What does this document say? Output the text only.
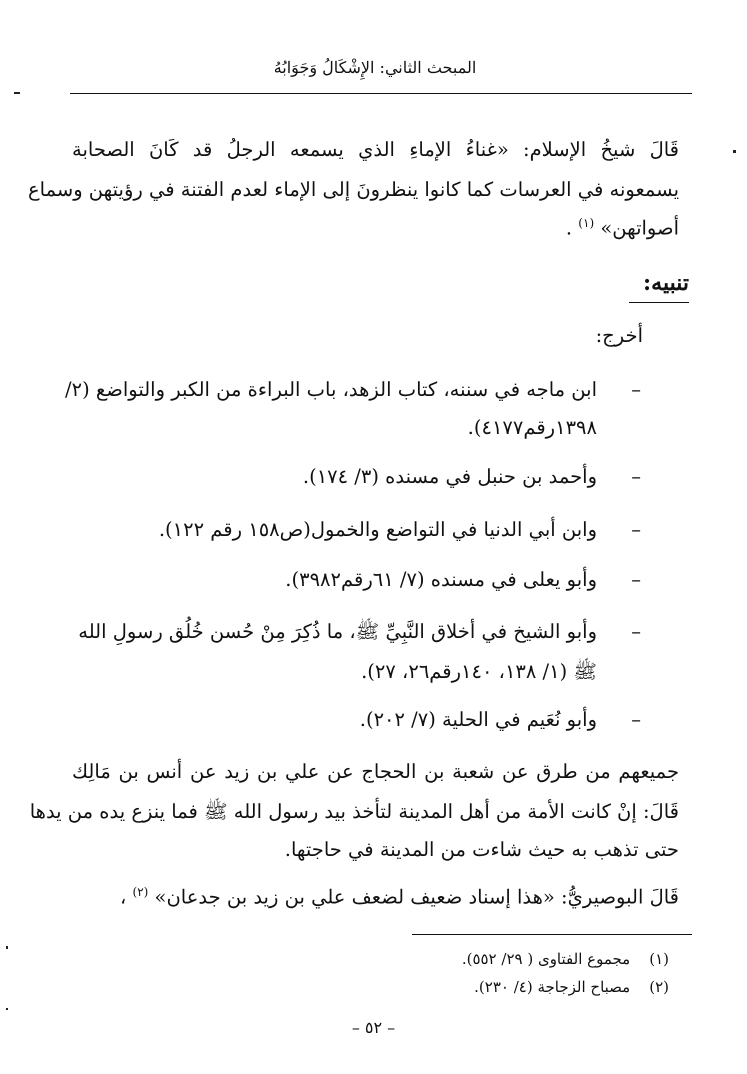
المبحث الثاني: الإِشْكَالُ وَجَوَابُهُ
قَالَ شيخُ الإسلام: «غناءُ الإماءِ الذي يسمعه الرجلُ قد كَانَ الصحابة
يسمعونه في العرسات كما كانوا ينظرونَ إلى الإماء لعدم الفتنة في رؤيتهن وسماع
أصواتهن» $^{(١)}$ .
تنبيه:
أخرج:
–
ابن ماجه في سننه، كتاب الزهد، باب البراءة من الكبر والتواضع (٢/
١٣٩٨رقم٤١٧٧).
–
وأحمد بن حنبل في مسنده (٣/ ١٧٤).
–
وابن أبي الدنيا في التواضع والخمول(ص١٥٨ رقم ١٢٢).
–
وأبو يعلى في مسنده (٧/ ٦١رقم٣٩٨٢).
–
وأبو الشيخ في أخلاق النَّبِيِّ ﷺ، ما ذُكِرَ مِنْ حُسن خُلُق رسولِ الله
ﷺ (١/ ١٣٨، ١٤٠رقم٢٦، ٢٧).
–
وأبو نُعَيم في الحلية (٧/ ٢٠٢).
جميعهم من طرق عن شعبة بن الحجاج عن علي بن زيد عن أنس بن مَالِك
قَالَ: إنْ كانت الأمة من أهل المدينة لتأخذ بيد رسول الله ﷺ فما ينزع يده من يدها
حتى تذهب به حيث شاءت من المدينة في حاجتها.
قَالَ البوصيريُّ: «هذا إسناد ضعيف لضعف علي بن زيد بن جدعان» $^{(٢)}$ ،
(١) مجموع الفتاوى ( ٢٩/ ٥٥٢).
(٢) مصباح الزجاجة (٤/ ٢٣٠).
– ٥٢ –
